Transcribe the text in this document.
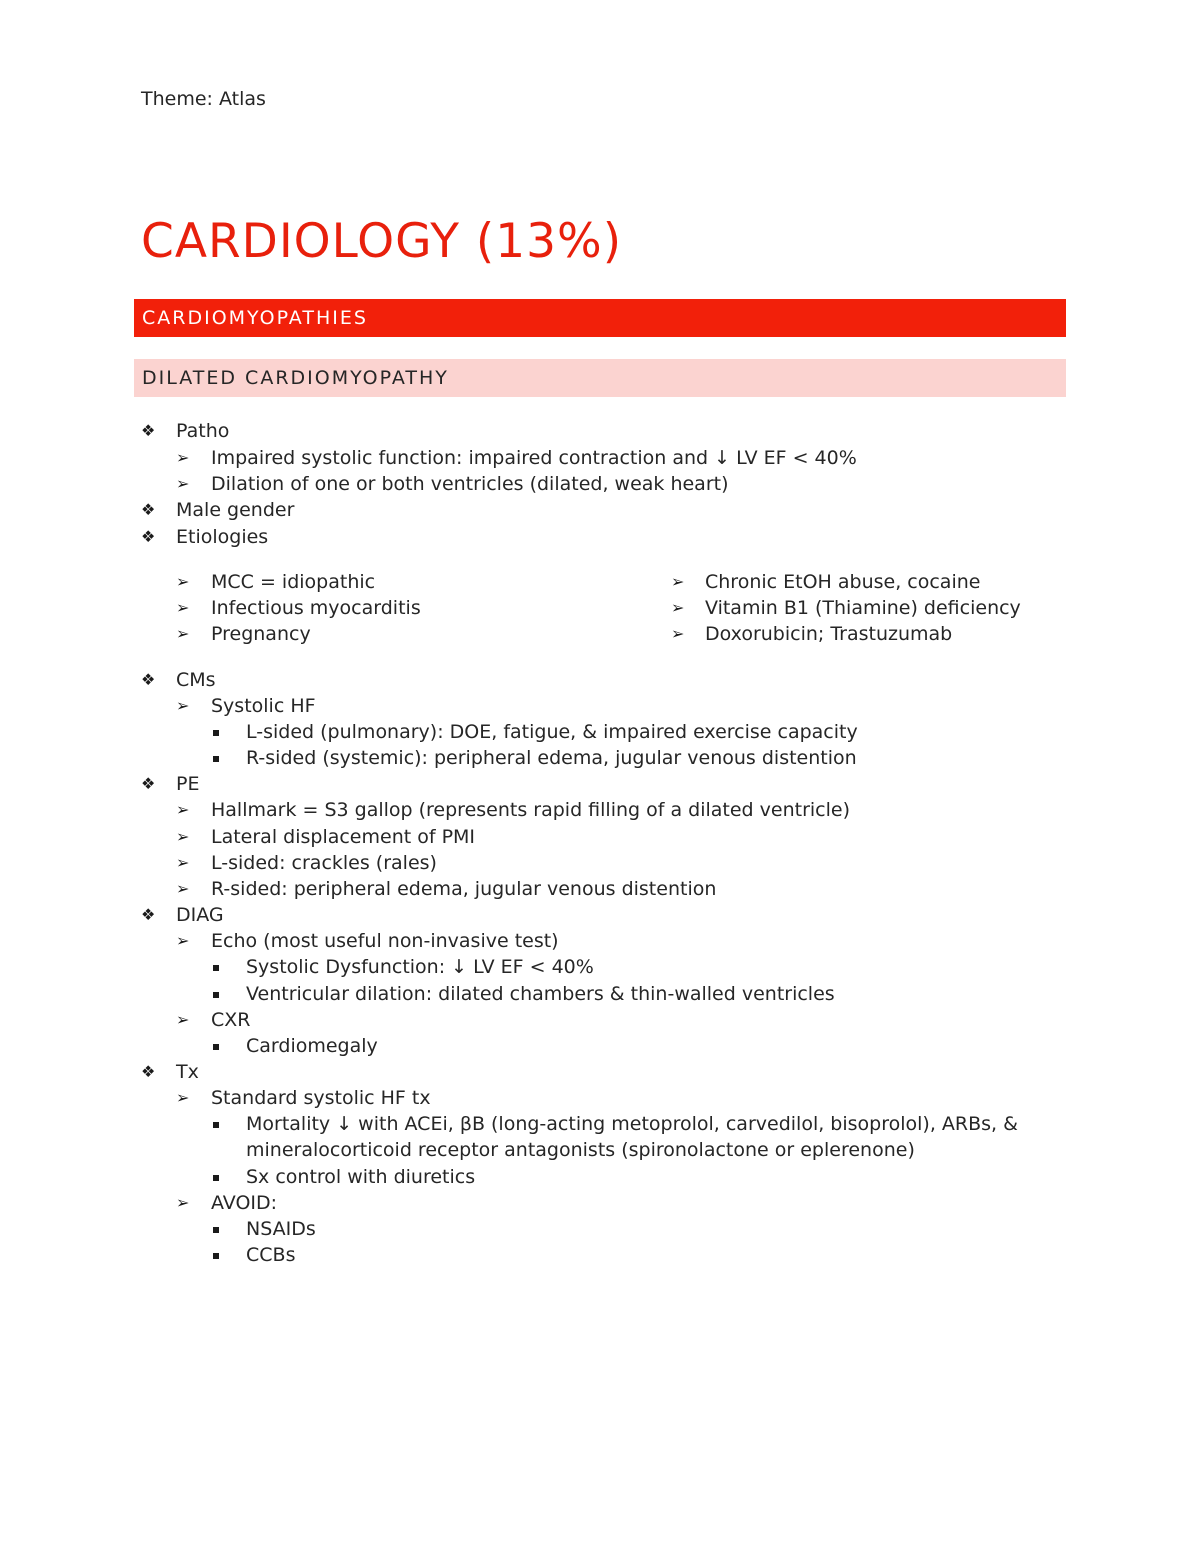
Theme: Atlas
CARDIOLOGY (13%)
CARDIOMYOPATHIES
DILATED CARDIOMYOPATHY
❖ Patho
➢ Impaired systolic function: impaired contraction and ↓ LV EF < 40%
➢ Dilation of one or both ventricles (dilated, weak heart)
❖ Male gender
❖ Etiologies
➢ MCC = idiopathic
➢ Infectious myocarditis
➢ Pregnancy
➢ Chronic EtOH abuse, cocaine
➢ Vitamin B1 (Thiamine) deficiency
➢ Doxorubicin; Trastuzumab
❖ CMs
➢ Systolic HF
L-sided (pulmonary): DOE, fatigue, & impaired exercise capacity
R-sided (systemic): peripheral edema, jugular venous distention
❖ PE
➢ Hallmark = S3 gallop (represents rapid filling of a dilated ventricle)
➢ Lateral displacement of PMI
➢ L-sided: crackles (rales)
➢ R-sided: peripheral edema, jugular venous distention
❖ DIAG
➢ Echo (most useful non-invasive test)
Systolic Dysfunction: ↓ LV EF < 40%
Ventricular dilation: dilated chambers & thin-walled ventricles
➢ CXR
Cardiomegaly
❖ Tx
➢ Standard systolic HF tx
Mortality ↓ with ACEi, βB (long-acting metoprolol, carvedilol, bisoprolol), ARBs, &
mineralocorticoid receptor antagonists (spironolactone or eplerenone)
Sx control with diuretics
➢ AVOID:
NSAIDs
CCBs
